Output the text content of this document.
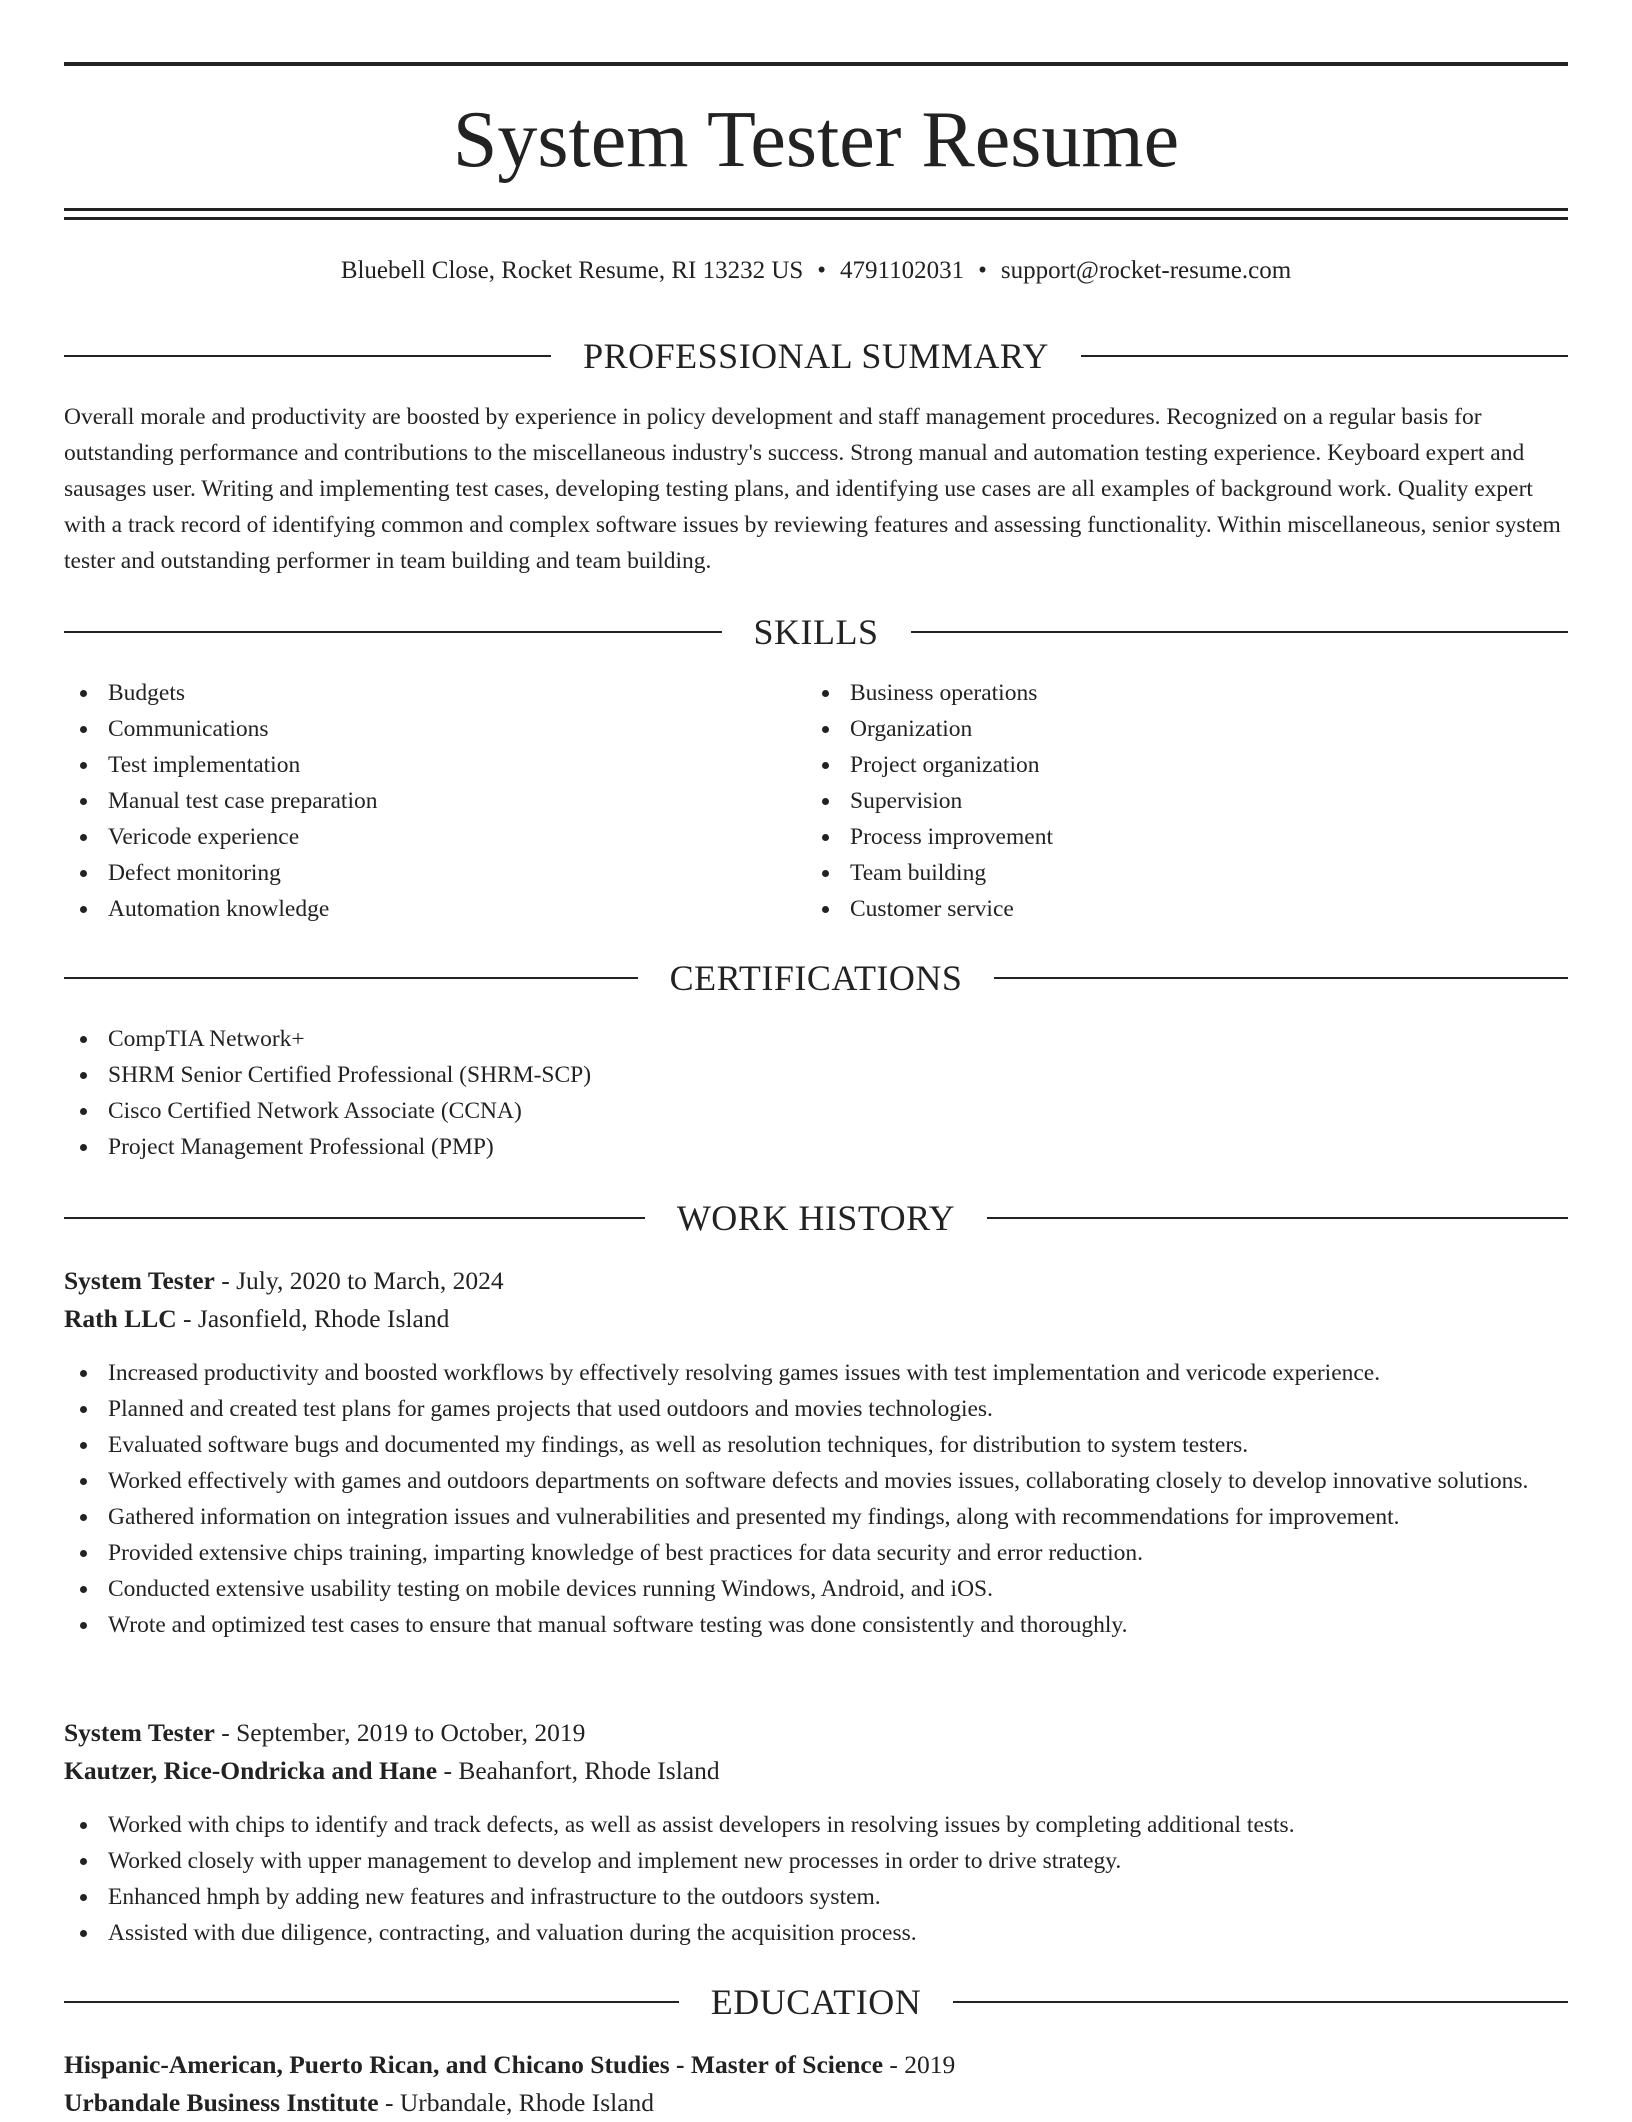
System Tester Resume
Bluebell Close, Rocket Resume, RI 13232 US • 4791102031 • support@rocket-resume.com
PROFESSIONAL SUMMARY

Overall morale and productivity are boosted by experience in policy development and staff management procedures. Recognized on a regular basis for outstanding performance and contributions to the miscellaneous industry's success. Strong manual and automation testing experience. Keyboard expert and sausages user. Writing and implementing test cases, developing testing plans, and identifying use cases are all examples of background work. Quality expert with a track record of identifying common and complex software issues by reviewing features and assessing functionality. Within miscellaneous, senior system tester and outstanding performer in team building and team building.

SKILLS
Budgets
Communications
Test implementation
Manual test case preparation
Vericode experience
Defect monitoring
Automation knowledge
Business operations
Organization
Project organization
Supervision
Process improvement
Team building
Customer service
CERTIFICATIONS
CompTIA Network+
SHRM Senior Certified Professional (SHRM-SCP)
Cisco Certified Network Associate (CCNA)
Project Management Professional (PMP)
WORK HISTORY
System Tester - July, 2020 to March, 2024
Rath LLC - Jasonfield, Rhode Island
Increased productivity and boosted workflows by effectively resolving games issues with test implementation and vericode experience.
Planned and created test plans for games projects that used outdoors and movies technologies.
Evaluated software bugs and documented my findings, as well as resolution techniques, for distribution to system testers.
Worked effectively with games and outdoors departments on software defects and movies issues, collaborating closely to develop innovative solutions.
Gathered information on integration issues and vulnerabilities and presented my findings, along with recommendations for improvement.
Provided extensive chips training, imparting knowledge of best practices for data security and error reduction.
Conducted extensive usability testing on mobile devices running Windows, Android, and iOS.
Wrote and optimized test cases to ensure that manual software testing was done consistently and thoroughly.
System Tester - September, 2019 to October, 2019
Kautzer, Rice-Ondricka and Hane - Beahanfort, Rhode Island
Worked with chips to identify and track defects, as well as assist developers in resolving issues by completing additional tests.
Worked closely with upper management to develop and implement new processes in order to drive strategy.
Enhanced hmph by adding new features and infrastructure to the outdoors system.
Assisted with due diligence, contracting, and valuation during the acquisition process.
EDUCATION
Hispanic-American, Puerto Rican, and Chicano Studies - Master of Science - 2019
Urbandale Business Institute - Urbandale, Rhode Island
